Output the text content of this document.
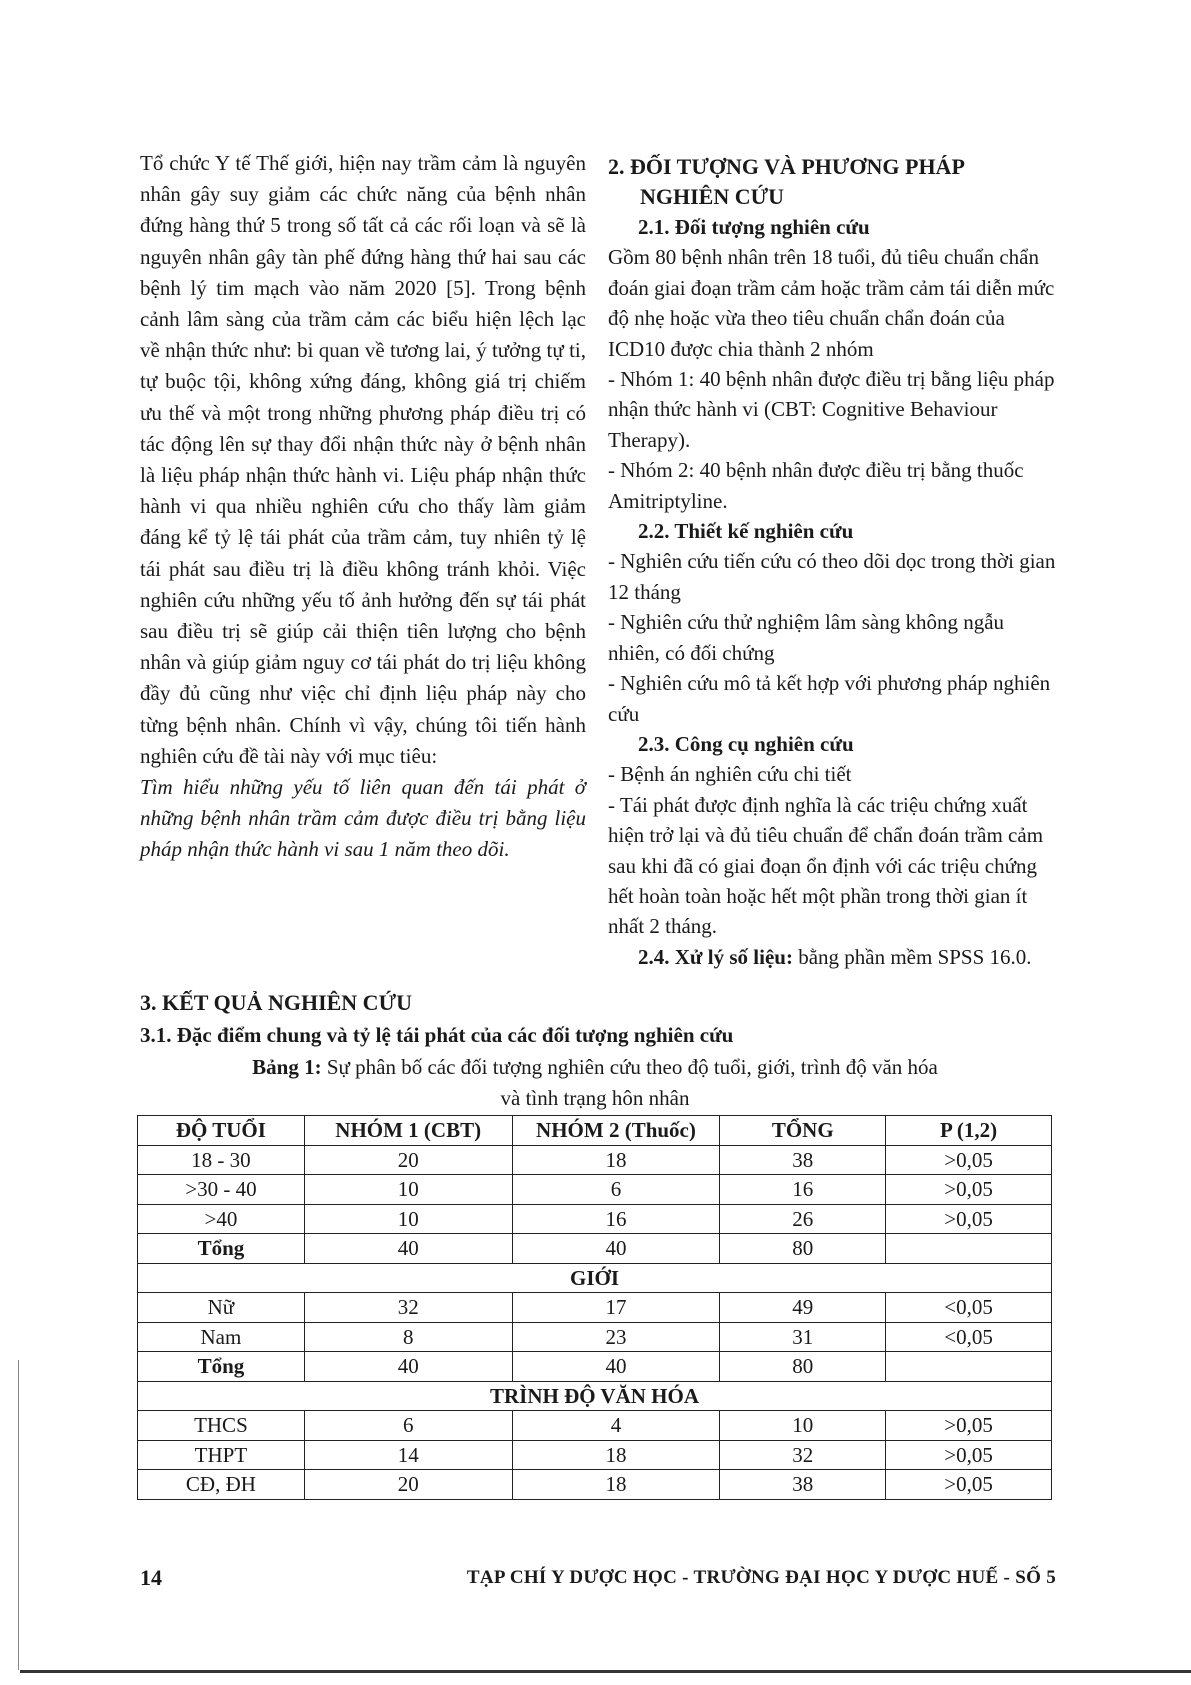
Tổ chức Y tế Thế giới, hiện nay trầm cảm là nguyên nhân gây suy giảm các chức năng của bệnh nhân đứng hàng thứ 5 trong số tất cả các rối loạn và sẽ là nguyên nhân gây tàn phế đứng hàng thứ hai sau các bệnh lý tim mạch vào năm 2020 [5]. Trong bệnh cảnh lâm sàng của trầm cảm các biểu hiện lệch lạc về nhận thức như: bi quan về tương lai, ý tưởng tự ti, tự buộc tội, không xứng đáng, không giá trị chiếm ưu thế và một trong những phương pháp điều trị có tác động lên sự thay đổi nhận thức này ở bệnh nhân là liệu pháp nhận thức hành vi. Liệu pháp nhận thức hành vi qua nhiều nghiên cứu cho thấy làm giảm đáng kể tỷ lệ tái phát của trầm cảm, tuy nhiên tỷ lệ tái phát sau điều trị là điều không tránh khỏi. Việc nghiên cứu những yếu tố ảnh hưởng đến sự tái phát sau điều trị sẽ giúp cải thiện tiên lượng cho bệnh nhân và giúp giảm nguy cơ tái phát do trị liệu không đầy đủ cũng như việc chỉ định liệu pháp này cho từng bệnh nhân. Chính vì vậy, chúng tôi tiến hành nghiên cứu đề tài này với mục tiêu:

Tìm hiểu những yếu tố liên quan đến tái phát ở những bệnh nhân trầm cảm được điều trị bằng liệu pháp nhận thức hành vi sau 1 năm theo dõi.

2. ĐỐI TƯỢNG VÀ PHƯƠNG PHÁP NGHIÊN CỨU

2.1. Đối tượng nghiên cứu

Gồm 80 bệnh nhân trên 18 tuổi, đủ tiêu chuẩn chẩn đoán giai đoạn trầm cảm hoặc trầm cảm tái diễn mức độ nhẹ hoặc vừa theo tiêu chuẩn chẩn đoán của ICD10 được chia thành 2 nhóm

- Nhóm 1: 40 bệnh nhân được điều trị bằng liệu pháp nhận thức hành vi (CBT: Cognitive Behaviour Therapy).

- Nhóm 2: 40 bệnh nhân được điều trị bằng thuốc Amitriptyline.

2.2. Thiết kế nghiên cứu

- Nghiên cứu tiến cứu có theo dõi dọc trong thời gian 12 tháng

- Nghiên cứu thử nghiệm lâm sàng không ngẫu nhiên, có đối chứng

- Nghiên cứu mô tả kết hợp với phương pháp nghiên cứu

2.3. Công cụ nghiên cứu

- Bệnh án nghiên cứu chi tiết

- Tái phát được định nghĩa là các triệu chứng xuất hiện trở lại và đủ tiêu chuẩn để chẩn đoán trầm cảm sau khi đã có giai đoạn ổn định với các triệu chứng hết hoàn toàn hoặc hết một phần trong thời gian ít nhất 2 tháng.

2.4. Xử lý số liệu: bằng phần mềm SPSS 16.0.

3. KẾT QUẢ NGHIÊN CỨU
3.1. Đặc điểm chung và tỷ lệ tái phát của các đối tượng nghiên cứu
Bảng 1: Sự phân bố các đối tượng nghiên cứu theo độ tuổi, giới, trình độ văn hóa
và tình trạng hôn nhân
ĐỘ TUỔI	NHÓM 1 (CBT)	NHÓM 2 (Thuốc)	TỔNG	P (1,2)
18 - 30	20	18	38	>0,05
>30 - 40	10	6	16	>0,05
>40	10	16	26	>0,05
Tổng	40	40	80	
GIỚI				
Nữ	32	17	49	<0,05
Nam	8	23	31	<0,05
Tổng	40	40	80	
TRÌNH ĐỘ VĂN HÓA				
THCS	6	4	10	>0,05
THPT	14	18	32	>0,05
CĐ, ĐH	20	18	38	>0,05
14	TẠP CHÍ Y DƯỢC HỌC - TRƯỜNG ĐẠI HỌC Y DƯỢC HUẾ - SỐ 5
